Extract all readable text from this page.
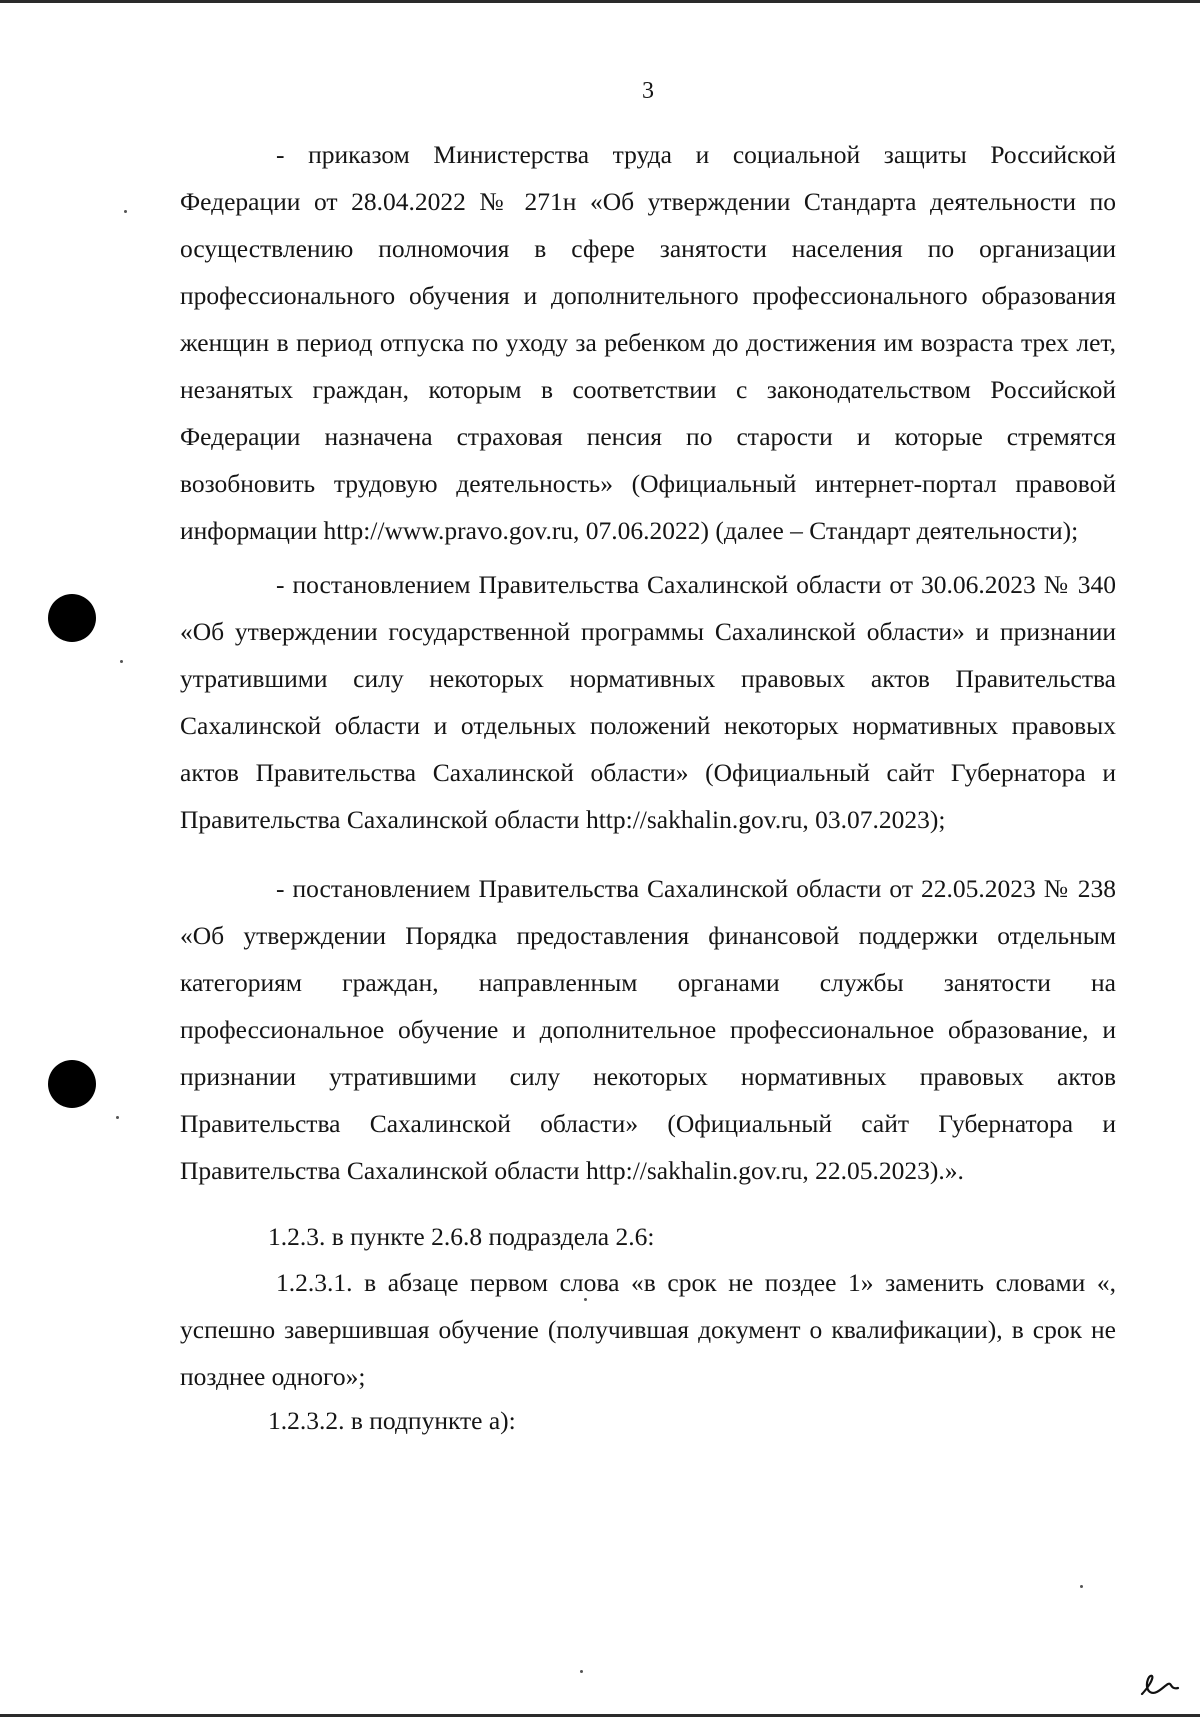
3

- приказом Министерства труда и социальной защиты Российской Федерации от 28.04.2022 № 271н «Об утверждении Стандарта деятельности по осуществлению полномочия в сфере занятости населения по организации профессионального обучения и дополнительного профессионального образования женщин в период отпуска по уходу за ребенком до достижения им возраста трех лет, незанятых граждан, которым в соответствии с законодательством Российской Федерации назначена страховая пенсия по старости и которые стремятся возобновить трудовую деятельность» (Официальный интернет-портал правовой информации http://www.pravo.gov.ru, 07.06.2022) (далее – Стандарт деятельности);

- постановлением Правительства Сахалинской области от 30.06.2023 № 340 «Об утверждении государственной программы Сахалинской области» и признании утратившими силу некоторых нормативных правовых актов Правительства Сахалинской области и отдельных положений некоторых нормативных правовых актов Правительства Сахалинской области» (Официальный сайт Губернатора и Правительства Сахалинской области http://sakhalin.gov.ru, 03.07.2023);

- постановлением Правительства Сахалинской области от 22.05.2023 № 238 «Об утверждении Порядка предоставления финансовой поддержки отдельным категориям граждан, направленным органами службы занятости на профессиональное обучение и дополнительное профессиональное образование, и признании утратившими силу некоторых нормативных правовых актов Правительства Сахалинской области» (Официальный сайт Губернатора и Правительства Сахалинской области http://sakhalin.gov.ru, 22.05.2023).».

1.2.3. в пункте 2.6.8 подраздела 2.6:

1.2.3.1. в абзаце первом слова «в срок не поздее 1» заменить словами «, успешно завершившая обучение (получившая документ о квалификации), в срок не позднее одного»;

1.2.3.2. в подпункте а):
